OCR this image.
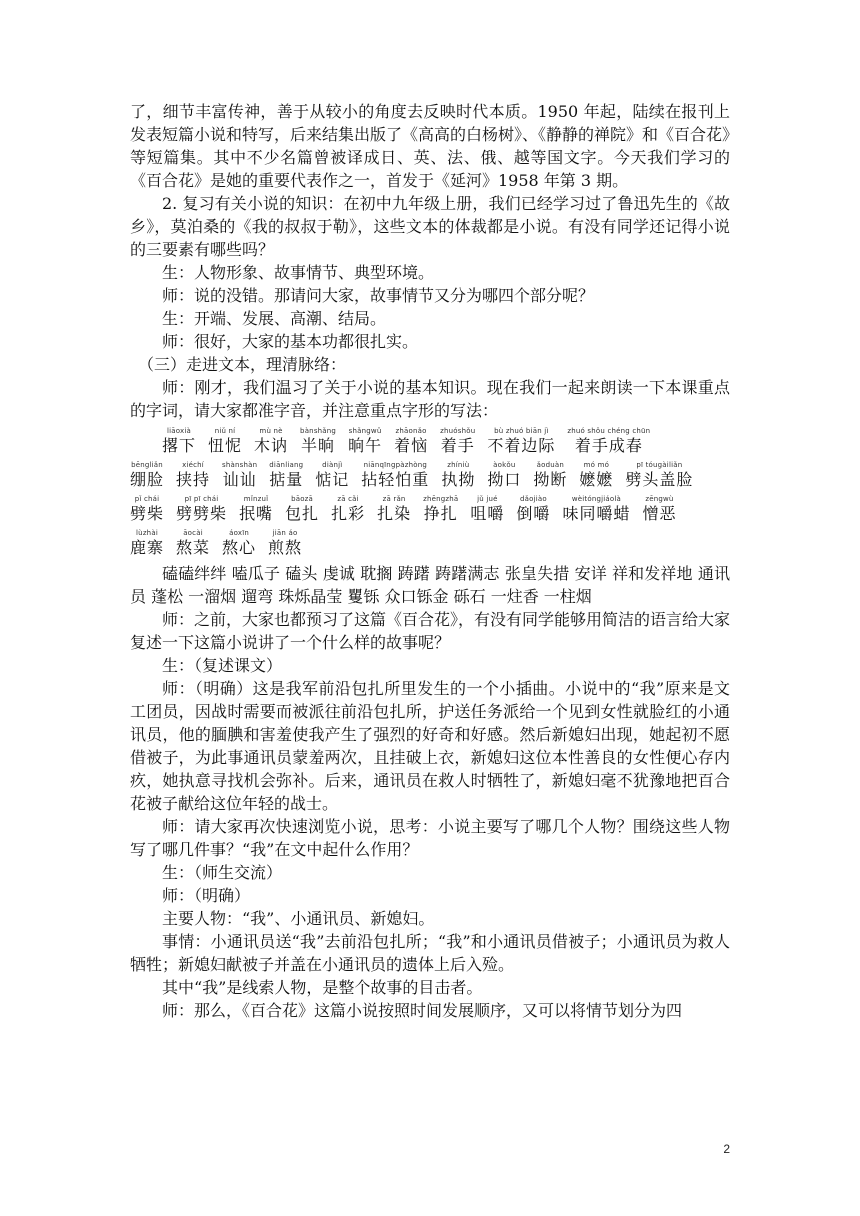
了，细节丰富传神，善于从较小的角度去反映时代本质。1950 年起，陆续在报刊上发表短篇小说和特写，后来结集出版了《高高的白杨树》、《静静的禅院》和《百合花》等短篇集。其中不少名篇曾被译成日、英、法、俄、越等国文字。今天我们学习的《百合花》是她的重要代表作之一，首发于《延河》1958 年第 3 期。

2. 复习有关小说的知识：在初中九年级上册，我们已经学习过了鲁迅先生的《故乡》，莫泊桑的《我的叔叔于勒》，这些文本的体裁都是小说。有没有同学还记得小说的三要素有哪些吗？

生：人物形象、故事情节、典型环境。

师：说的没错。那请问大家，故事情节又分为哪四个部分呢？

生：开端、发展、高潮、结局。

师：很好，大家的基本功都很扎实。

（三）走进文本，理清脉络：

师：刚才，我们温习了关于小说的基本知识。现在我们一起来朗读一下本课重点的字词，请大家都准字音，并注意重点字形的写法：

liāoxià
撂下
niǔ ní
忸怩
mù nè
木讷
bànshǎng
半晌
shǎngwǔ
晌午
zhāonǎo
着恼
zhuóshǒu
着手
bù zhuó biān jì
不着边际
zhuó shǒu chéng chūn
着手成春
bēngliǎn
绷脸
xiéchí
挟持
shànshàn
讪讪
diānliang
掂量
diànjì
惦记
niānqīngpàzhòng
拈轻怕重
zhíniù
执拗
àokǒu
拗口
ǎoduàn
拗断
mó mó
嬷嬷
pī tóugàiliǎn
劈头盖脸
pǐ chái
劈柴
pī pī chái
劈劈柴
mǐnzuǐ
抿嘴
bāozā
包扎
zā cǎi
扎彩
zā rǎn
扎染
zhēngzhā
挣扎
jǔ jué
咀嚼
dǎojiào
倒嚼
wèitóngjiáolà
味同嚼蜡
zēngwù
憎恶
lùzhài
鹿寨
āocài
熬菜
áoxīn
熬心
jiān áo
煎熬

磕磕绊绊 嗑瓜子 磕头 虔诚 耽搁 踌躇 踌躇满志 张皇失措 安详 祥和发祥地 通讯员 蓬松 一溜烟 遛弯 珠烁晶莹 矍铄 众口铄金 砾石 一炷香 一柱烟

师：之前，大家也都预习了这篇《百合花》，有没有同学能够用简洁的语言给大家复述一下这篇小说讲了一个什么样的故事呢？

生：（复述课文）

师：（明确）这是我军前沿包扎所里发生的一个小插曲。小说中的“我”原来是文工团员，因战时需要而被派往前沿包扎所，护送任务派给一个见到女性就脸红的小通讯员，他的腼腆和害羞使我产生了强烈的好奇和好感。然后新媳妇出现，她起初不愿借被子，为此事通讯员蒙羞两次，且挂破上衣，新媳妇这位本性善良的女性便心存内疚，她执意寻找机会弥补。后来，通讯员在救人时牺牲了，新媳妇毫不犹豫地把百合花被子献给这位年轻的战士。

师：请大家再次快速浏览小说，思考：小说主要写了哪几个人物？围绕这些人物写了哪几件事？“我”在文中起什么作用？

生：（师生交流）

师：（明确）

主要人物：“我”、小通讯员、新媳妇。

事情：小通讯员送“我”去前沿包扎所；“我”和小通讯员借被子；小通讯员为救人牺牲；新媳妇献被子并盖在小通讯员的遗体上后入殓。

其中“我”是线索人物，是整个故事的目击者。

师：那么，《百合花》这篇小说按照时间发展顺序，又可以将情节划分为四

2
